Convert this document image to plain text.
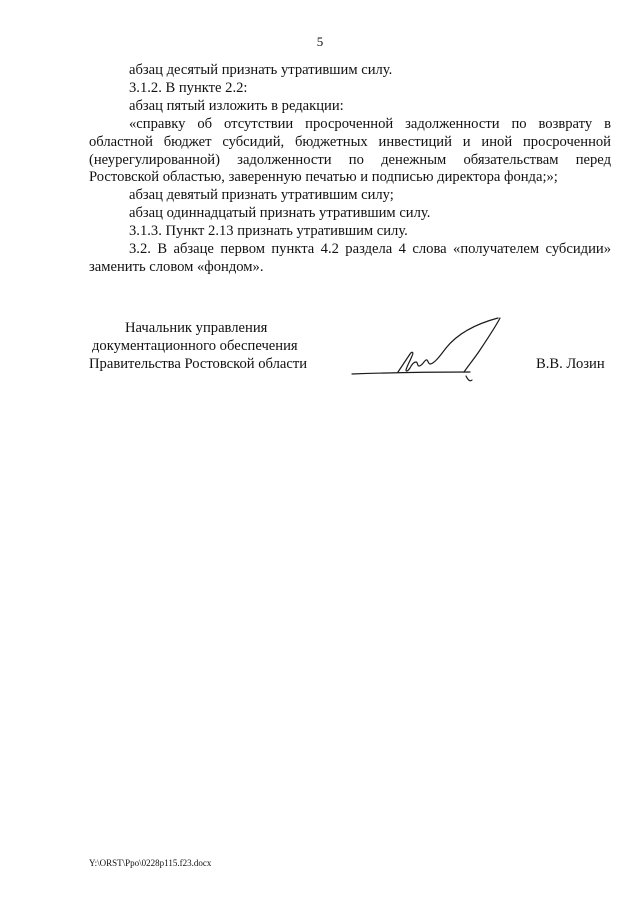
5

абзац десятый признать утратившим силу.

3.1.2. В пункте 2.2:

абзац пятый изложить в редакции:

«справку об отсутствии просроченной задолженности по возврату в областной бюджет субсидий, бюджетных инвестиций и иной просроченной (неурегулированной) задолженности по денежным обязательствам перед Ростовской областью, заверенную печатью и подписью директора фонда;»;

абзац девятый признать утратившим силу;

абзац одиннадцатый признать утратившим силу.

3.1.3. Пункт 2.13 признать утратившим силу.

3.2. В абзаце первом пункта 4.2 раздела 4 слова «получателем субсидии» заменить словом «фондом».

Начальник управления
документационного обеспечения
Правительства Ростовской области	В.В. Лозин
Y:\ORST\Ppo\0228p115.f23.docx
